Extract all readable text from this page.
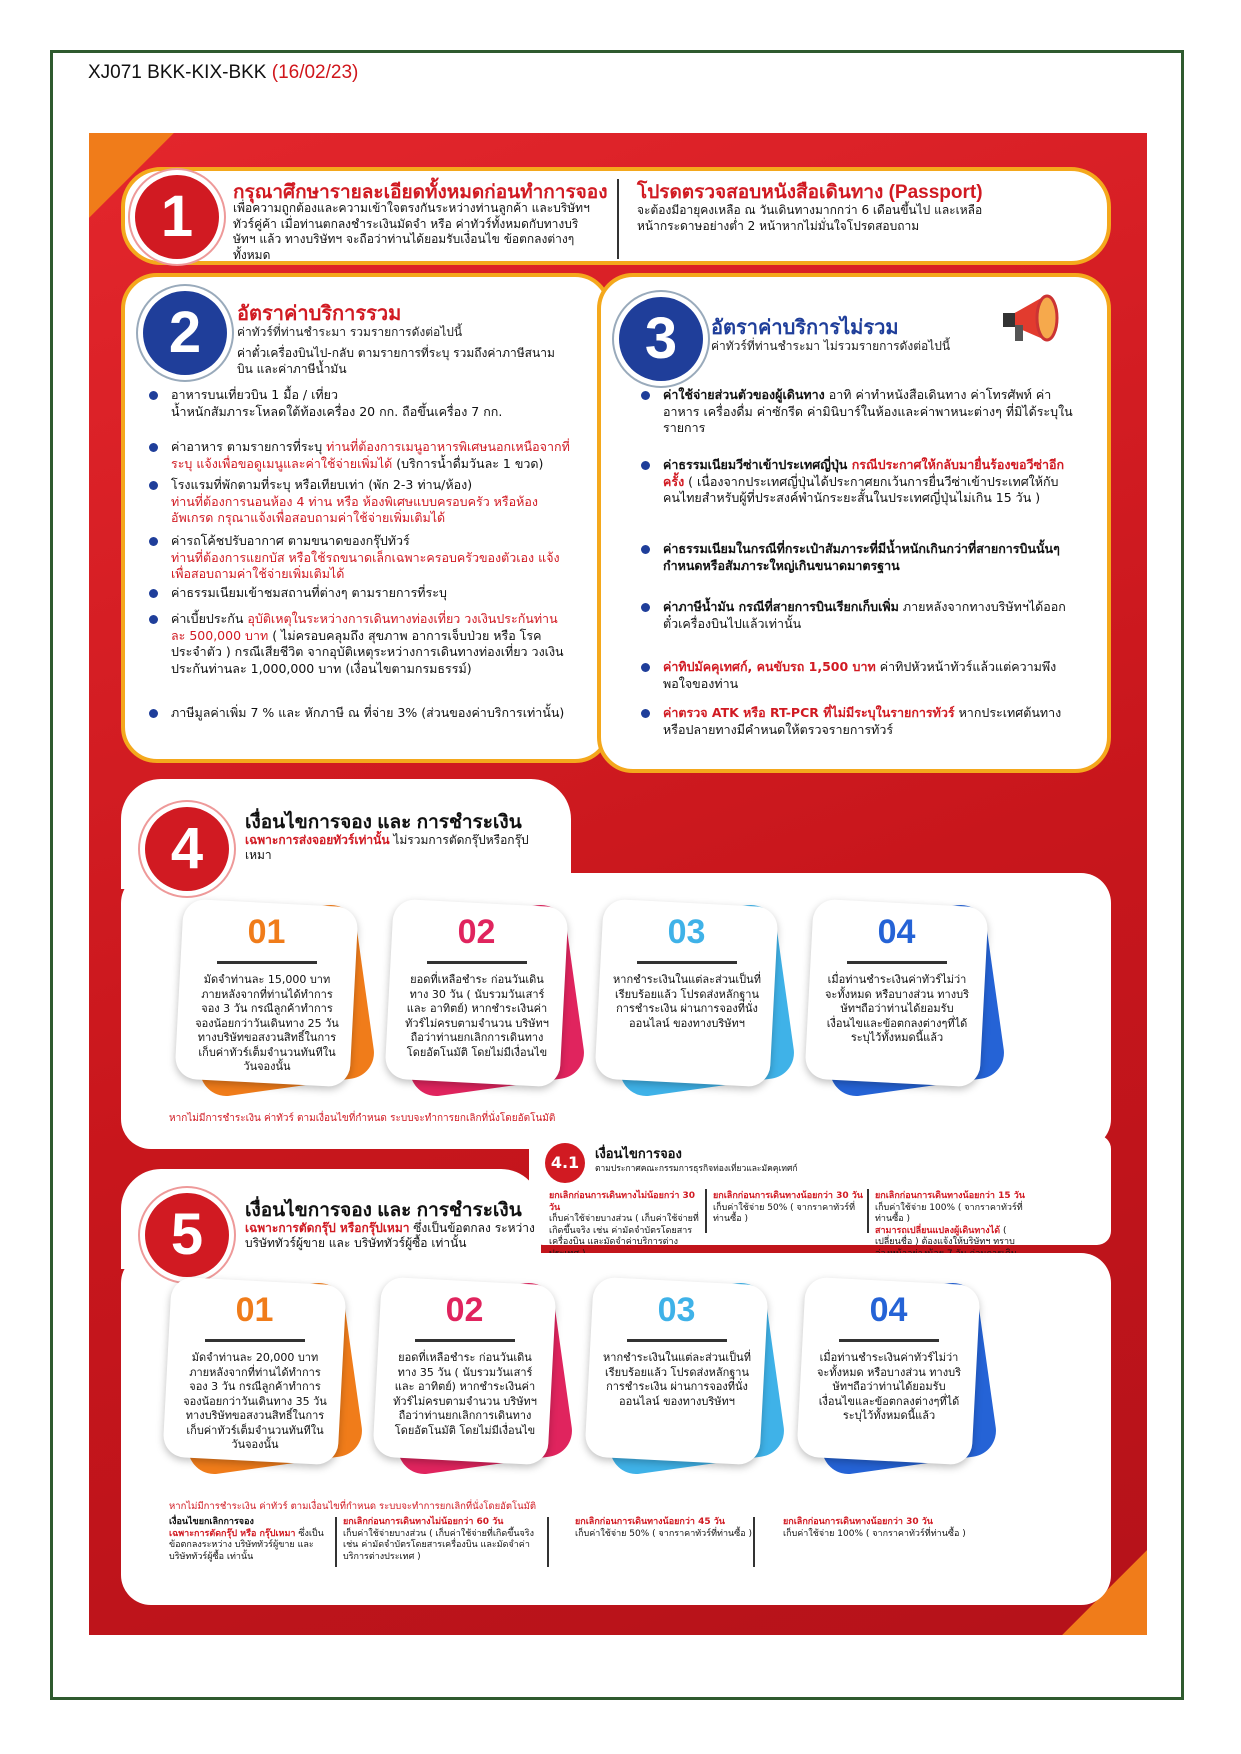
XJ071 BKK-KIX-BKK (16/02/23)
1	กรุณาศึกษารายละเอียดทั้งหมดก่อนทำการจอง
เพื่อความถูกต้องและความเข้าใจตรงกันระหว่างท่านลูกค้า และบริษัทฯ ทัวร์คู่ค้า เมื่อท่านตกลงชำระเงินมัดจำ หรือ ค่าทัวร์ทั้งหมดกับทางบริษัทฯ แล้ว ทางบริษัทฯ จะถือว่าท่านได้ยอมรับเงื่อนไข ข้อตกลงต่างๆ ทั้งหมด
โปรดตรวจสอบหนังสือเดินทาง (Passport)
จะต้องมีอายุคงเหลือ ณ วันเดินทางมากกว่า 6 เดือนขึ้นไป และเหลือหน้ากระดาษอย่างต่ำ 2 หน้าหากไม่มั่นใจโปรดสอบถาม
2	อัตราค่าบริการรวม
ค่าทัวร์ที่ท่านชำระมา รวมรายการดังต่อไปนี้
ค่าตั๋วเครื่องบินไป-กลับ ตามรายการที่ระบุ รวมถึงค่าภาษีสนามบิน และค่าภาษีน้ำมัน
อาหารบนเที่ยวบิน 1 มื้อ / เที่ยว
น้ำหนักสัมภาระโหลดใต้ท้องเครื่อง 20 กก. ถือขึ้นเครื่อง 7 กก.
ค่าอาหาร ตามรายการที่ระบุ ท่านที่ต้องการเมนูอาหารพิเศษนอกเหนือจากที่ระบุ แจ้งเพื่อขอดูเมนูและค่าใช้จ่ายเพิ่มได้ (บริการน้ำดื่มวันละ 1 ขวด)
โรงแรมที่พักตามที่ระบุ หรือเทียบเท่า (พัก 2-3 ท่าน/ห้อง)
ท่านที่ต้องการนอนห้อง 4 ท่าน หรือ ห้องพิเศษแบบครอบครัว หรือห้องอัพเกรด กรุณาแจ้งเพื่อสอบถามค่าใช้จ่ายเพิ่มเติมได้
ค่ารถโค้ชปรับอากาศ ตามขนาดของกรุ๊ปทัวร์
ท่านที่ต้องการแยกบัส หรือใช้รถขนาดเล็กเฉพาะครอบครัวของตัวเอง แจ้งเพื่อสอบถามค่าใช้จ่ายเพิ่มเติมได้
ค่าธรรมเนียมเข้าชมสถานที่ต่างๆ ตามรายการที่ระบุ
ค่าเบี้ยประกัน อุบัติเหตุในระหว่างการเดินทางท่องเที่ยว วงเงินประกันท่านละ 500,000 บาท ( ไม่ครอบคลุมถึง สุขภาพ อาการเจ็บป่วย หรือ โรคประจำตัว ) กรณีเสียชีวิต จากอุบัติเหตุระหว่างการเดินทางท่องเที่ยว วงเงินประกันท่านละ 1,000,000 บาท (เงื่อนไขตามกรมธรรม์)
ภาษีมูลค่าเพิ่ม 7 % และ หักภาษี ณ ที่จ่าย 3% (ส่วนของค่าบริการเท่านั้น)
3	อัตราค่าบริการไม่รวม
ค่าทัวร์ที่ท่านชำระมา ไม่รวมรายการดังต่อไปนี้
ค่าใช้จ่ายส่วนตัวของผู้เดินทาง อาทิ ค่าทำหนังสือเดินทาง ค่าโทรศัพท์ ค่าอาหาร เครื่องดื่ม ค่าซักรีด ค่ามินิบาร์ในห้องและค่าพาหนะต่างๆ ที่มิได้ระบุในรายการ
ค่าธรรมเนียมวีซ่าเข้าประเทศญี่ปุ่น กรณีประกาศให้กลับมายื่นร้องขอวีซ่าอีกครั้ง ( เนื่องจากประเทศญี่ปุ่นได้ประกาศยกเว้นการยื่นวีซ่าเข้าประเทศให้กับคนไทยสำหรับผู้ที่ประสงค์พำนักระยะสั้นในประเทศญี่ปุ่นไม่เกิน 15 วัน )
ค่าธรรมเนียมในกรณีที่กระเป๋าสัมภาระที่มีน้ำหนักเกินกว่าที่สายการบินนั้นๆกำหนดหรือสัมภาระใหญ่เกินขนาดมาตรฐาน
ค่าภาษีน้ำมัน กรณีที่สายการบินเรียกเก็บเพิ่ม ภายหลังจากทางบริษัทฯได้ออกตั๋วเครื่องบินไปแล้วเท่านั้น
ค่าทิปมัคคุเทศก์, คนขับรถ 1,500 บาท ค่าทิปหัวหน้าทัวร์แล้วแต่ความพึงพอใจของท่าน
ค่าตรวจ ATK หรือ RT-PCR ที่ไม่มีระบุในรายการทัวร์ หากประเทศต้นทางหรือปลายทางมีคำหนดให้ตรวจรายการทัวร์
4	เงื่อนไขการจอง และ การชำระเงิน
เฉพาะการส่งจอยทัวร์เท่านั้น ไม่รวมการตัดกรุ๊ปหรือกรุ๊ปเหมา
01
มัดจำท่านละ 15,000 บาท ภายหลังจากที่ท่านได้ทำการจอง 3 วัน กรณีลูกค้าทำการจองน้อยกว่าวันเดินทาง 25 วัน ทางบริษัทขอสงวนสิทธิ์ในการเก็บค่าทัวร์เต็มจำนวนทันทีในวันจองนั้น
02
ยอดที่เหลือชำระ ก่อนวันเดินทาง 30 วัน ( นับรวมวันเสาร์ และ อาทิตย์) หากชำระเงินค่าทัวร์ไม่ครบตามจำนวน บริษัทฯถือว่าท่านยกเลิกการเดินทางโดยอัตโนมัติ โดยไม่มีเงื่อนไข
03
หากชำระเงินในแต่ละส่วนเป็นที่เรียบร้อยแล้ว โปรดส่งหลักฐานการชำระเงิน ผ่านการจองที่นั่ง ออนไลน์ ของทางบริษัทฯ
04
เมื่อท่านชำระเงินค่าทัวร์ไม่ว่าจะทั้งหมด หรือบางส่วน ทางบริษัทฯถือว่าท่านได้ยอมรับเงื่อนไขและข้อตกลงต่างๆที่ได้ระบุไว้ทั้งหมดนี้แล้ว
หากไม่มีการชำระเงิน ค่าทัวร์ ตามเงื่อนไขที่กำหนด ระบบจะทำการยกเลิกที่นั่งโดยอัตโนมัติ
4.1	เงื่อนไขการจอง
ตามประกาศคณะกรรมการธุรกิจท่องเที่ยวและมัคคุเทศก์
ยกเลิกก่อนการเดินทางไม่น้อยกว่า 30 วัน
เก็บค่าใช้จ่ายบางส่วน ( เก็บค่าใช้จ่ายที่เกิดขึ้นจริง เช่น ค่ามัดจำบัตรโดยสารเครื่องบิน และมัดจำค่าบริการต่าง
ยกเลิกก่อนการเดินทางน้อยกว่า 30 วัน
เก็บค่าใช้จ่าย 50% ( จากราคาทัวร์ที่ท่านซื้อ )
ยกเลิกก่อนการเดินทางน้อยกว่า 15 วัน
เก็บค่าใช้จ่าย 100% ( จากราคาทัวร์ที่ท่านซื้อ )
สามารถเปลี่ยนแปลงผู้เดินทางได้ ( เปลี่ยนชื่อ ) ต้องแจ้งให้บริษัทฯ ทราบ
5	เงื่อนไขการจอง และ การชำระเงิน
เฉพาะการตัดกรุ๊ป หรือกรุ๊ปเหมา ซึ่งเป็นข้อตกลง ระหว่าง บริษัททัวร์ผู้ขาย และ บริษัททัวร์ผู้ซื้อ เท่านั้น
01
มัดจำท่านละ 20,000 บาท ภายหลังจากที่ท่านได้ทำการจอง 3 วัน กรณีลูกค้าทำการจองน้อยกว่าวันเดินทาง 35 วัน ทางบริษัทขอสงวนสิทธิ์ในการเก็บค่าทัวร์เต็มจำนวนทันทีในวันจองนั้น
02
ยอดที่เหลือชำระ ก่อนวันเดินทาง 35 วัน ( นับรวมวันเสาร์ และ อาทิตย์) หากชำระเงินค่าทัวร์ไม่ครบตามจำนวน บริษัทฯถือว่าท่านยกเลิกการเดินทางโดยอัตโนมัติ โดยไม่มีเงื่อนไข
03
หากชำระเงินในแต่ละส่วนเป็นที่เรียบร้อยแล้ว โปรดส่งหลักฐานการชำระเงิน ผ่านการจองที่นั่ง ออนไลน์ ของทางบริษัทฯ
04
เมื่อท่านชำระเงินค่าทัวร์ไม่ว่าจะทั้งหมด หรือบางส่วน ทางบริษัทฯถือว่าท่านได้ยอมรับเงื่อนไขและข้อตกลงต่างๆที่ได้ระบุไว้ทั้งหมดนี้แล้ว
หากไม่มีการชำระเงิน ค่าทัวร์ ตามเงื่อนไขที่กำหนด ระบบจะทำการยกเลิกที่นั่งโดยอัตโนมัติ
เงื่อนไขยกเลิกการจอง
เฉพาะการตัดกรุ๊ป หรือ กรุ๊ปเหมา ซึ่งเป็นข้อตกลงระหว่าง บริษัททัวร์ผู้ขาย และ บริษัททัวร์ผู้ซื้อ เท่านั้น
ยกเลิกก่อนการเดินทางไม่น้อยกว่า 60 วัน
เก็บค่าใช้จ่ายบางส่วน ( เก็บค่าใช้จ่ายที่เกิดขึ้นจริง เช่น ค่ามัดจำบัตรโดยสารเครื่องบิน และมัดจำค่าบริการต่างประเทศ )
ยกเลิกก่อนการเดินทางน้อยกว่า 45 วัน
เก็บค่าใช้จ่าย 50% ( จากราคาทัวร์ที่ท่านซื้อ )
ยกเลิกก่อนการเดินทางน้อยกว่า 30 วัน
เก็บค่าใช้จ่าย 100% ( จากราคาทัวร์ที่ท่านซื้อ )
